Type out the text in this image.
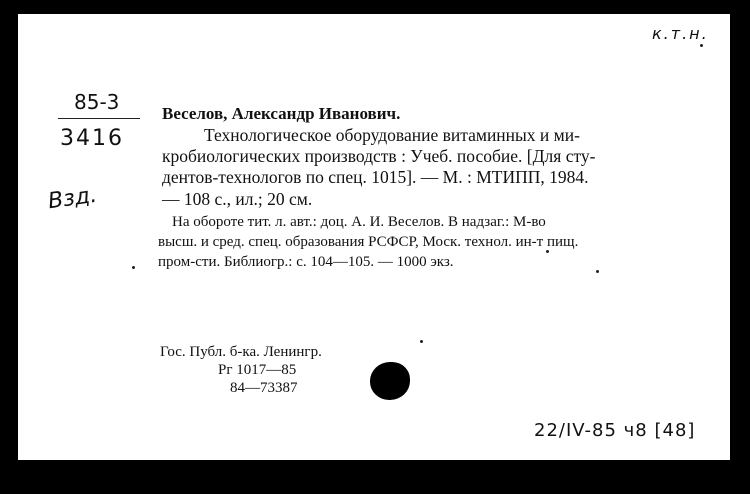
к.т.н.
85-3
3416
Взд.
Веселов, Александр Иванович.
Технологическое оборудование витаминных и ми-
кробиологических производств : Учеб. пособие. [Для сту-
дентов-технологов по спец. 1015]. — М. : МТИПП, 1984.
— 108 с., ил.; 20 см.
На обороте тит. л. авт.: доц. А. И. Веселов. В надзаг.: М-во
высш. и сред. спец. образования РСФСР, Моск. технол. ин-т пищ.
пром-сти. Библиогр.: с. 104—105. — 1000 экз.
Гос. Публ. б-ка. Ленингр.
Рг 1017—85
84—73387
22/IV-85 ч8 [48]
